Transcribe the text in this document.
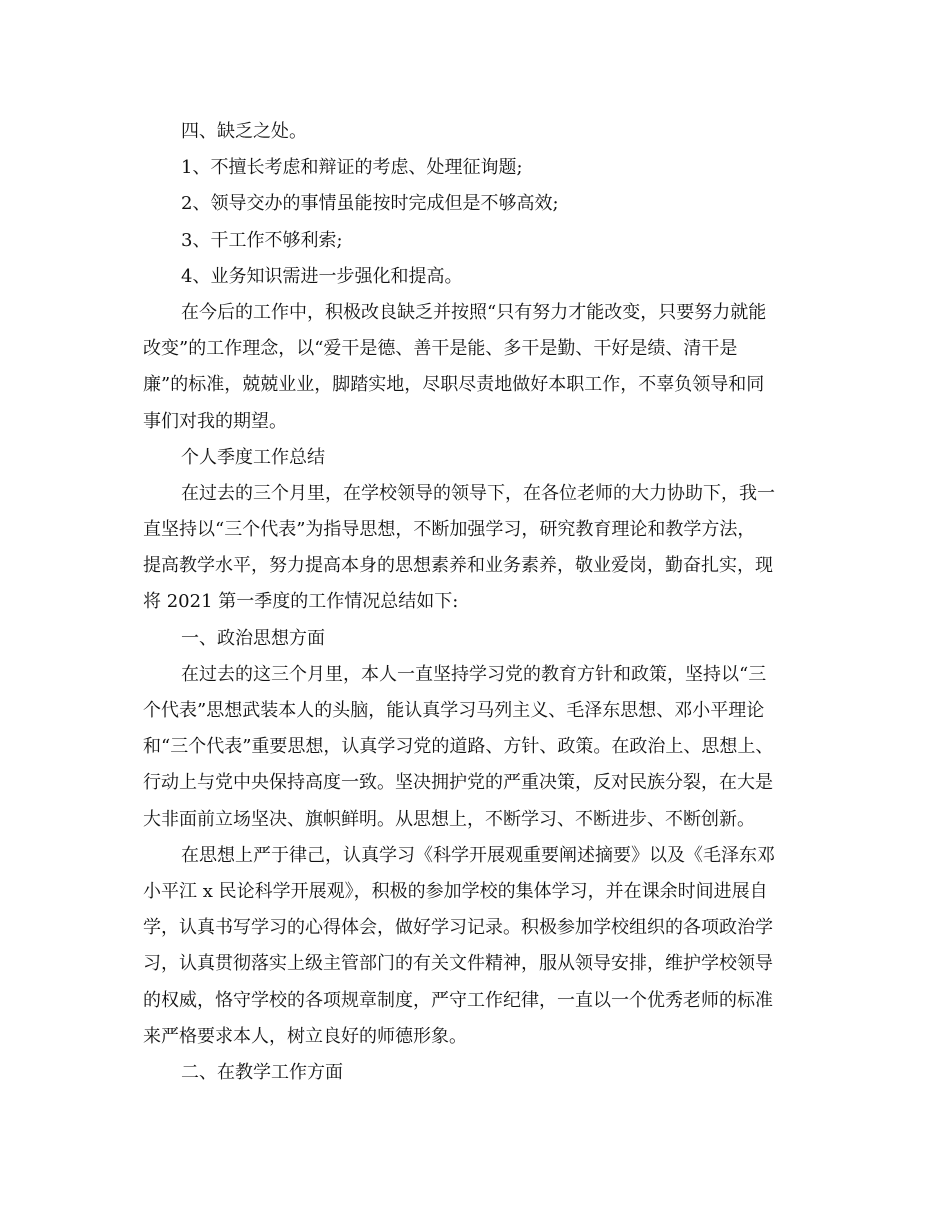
四、缺乏之处。

1、不擅长考虑和辩证的考虑、处理征询题;

2、领导交办的事情虽能按时完成但是不够高效;

3、干工作不够利索;

4、业务知识需进一步强化和提高。

在今后的工作中，积极改良缺乏并按照“只有努力才能改变，只要努力就能

改变”的工作理念，以“爱干是德、善干是能、多干是勤、干好是绩、清干是

廉”的标准，兢兢业业，脚踏实地，尽职尽责地做好本职工作，不辜负领导和同

事们对我的期望。

个人季度工作总结

在过去的三个月里，在学校领导的领导下，在各位老师的大力协助下，我一

直坚持以“三个代表”为指导思想，不断加强学习，研究教育理论和教学方法，

提高教学水平，努力提高本身的思想素养和业务素养，敬业爱岗，勤奋扎实，现

将 2021 第一季度的工作情况总结如下:

一、政治思想方面

在过去的这三个月里，本人一直坚持学习党的教育方针和政策，坚持以“三

个代表”思想武装本人的头脑，能认真学习马列主义、毛泽东思想、邓小平理论

和“三个代表”重要思想，认真学习党的道路、方针、政策。在政治上、思想上、

行动上与党中央保持高度一致。坚决拥护党的严重决策，反对民族分裂，在大是

大非面前立场坚决、旗帜鲜明。从思想上，不断学习、不断进步、不断创新。

在思想上严于律己，认真学习《科学开展观重要阐述摘要》以及《毛泽东邓

小平江 x 民论科学开展观》，积极的参加学校的集体学习，并在课余时间进展自

学，认真书写学习的心得体会，做好学习记录。积极参加学校组织的各项政治学

习，认真贯彻落实上级主管部门的有关文件精神，服从领导安排，维护学校领导

的权威，恪守学校的各项规章制度，严守工作纪律，一直以一个优秀老师的标准

来严格要求本人，树立良好的师德形象。

二、在教学工作方面
